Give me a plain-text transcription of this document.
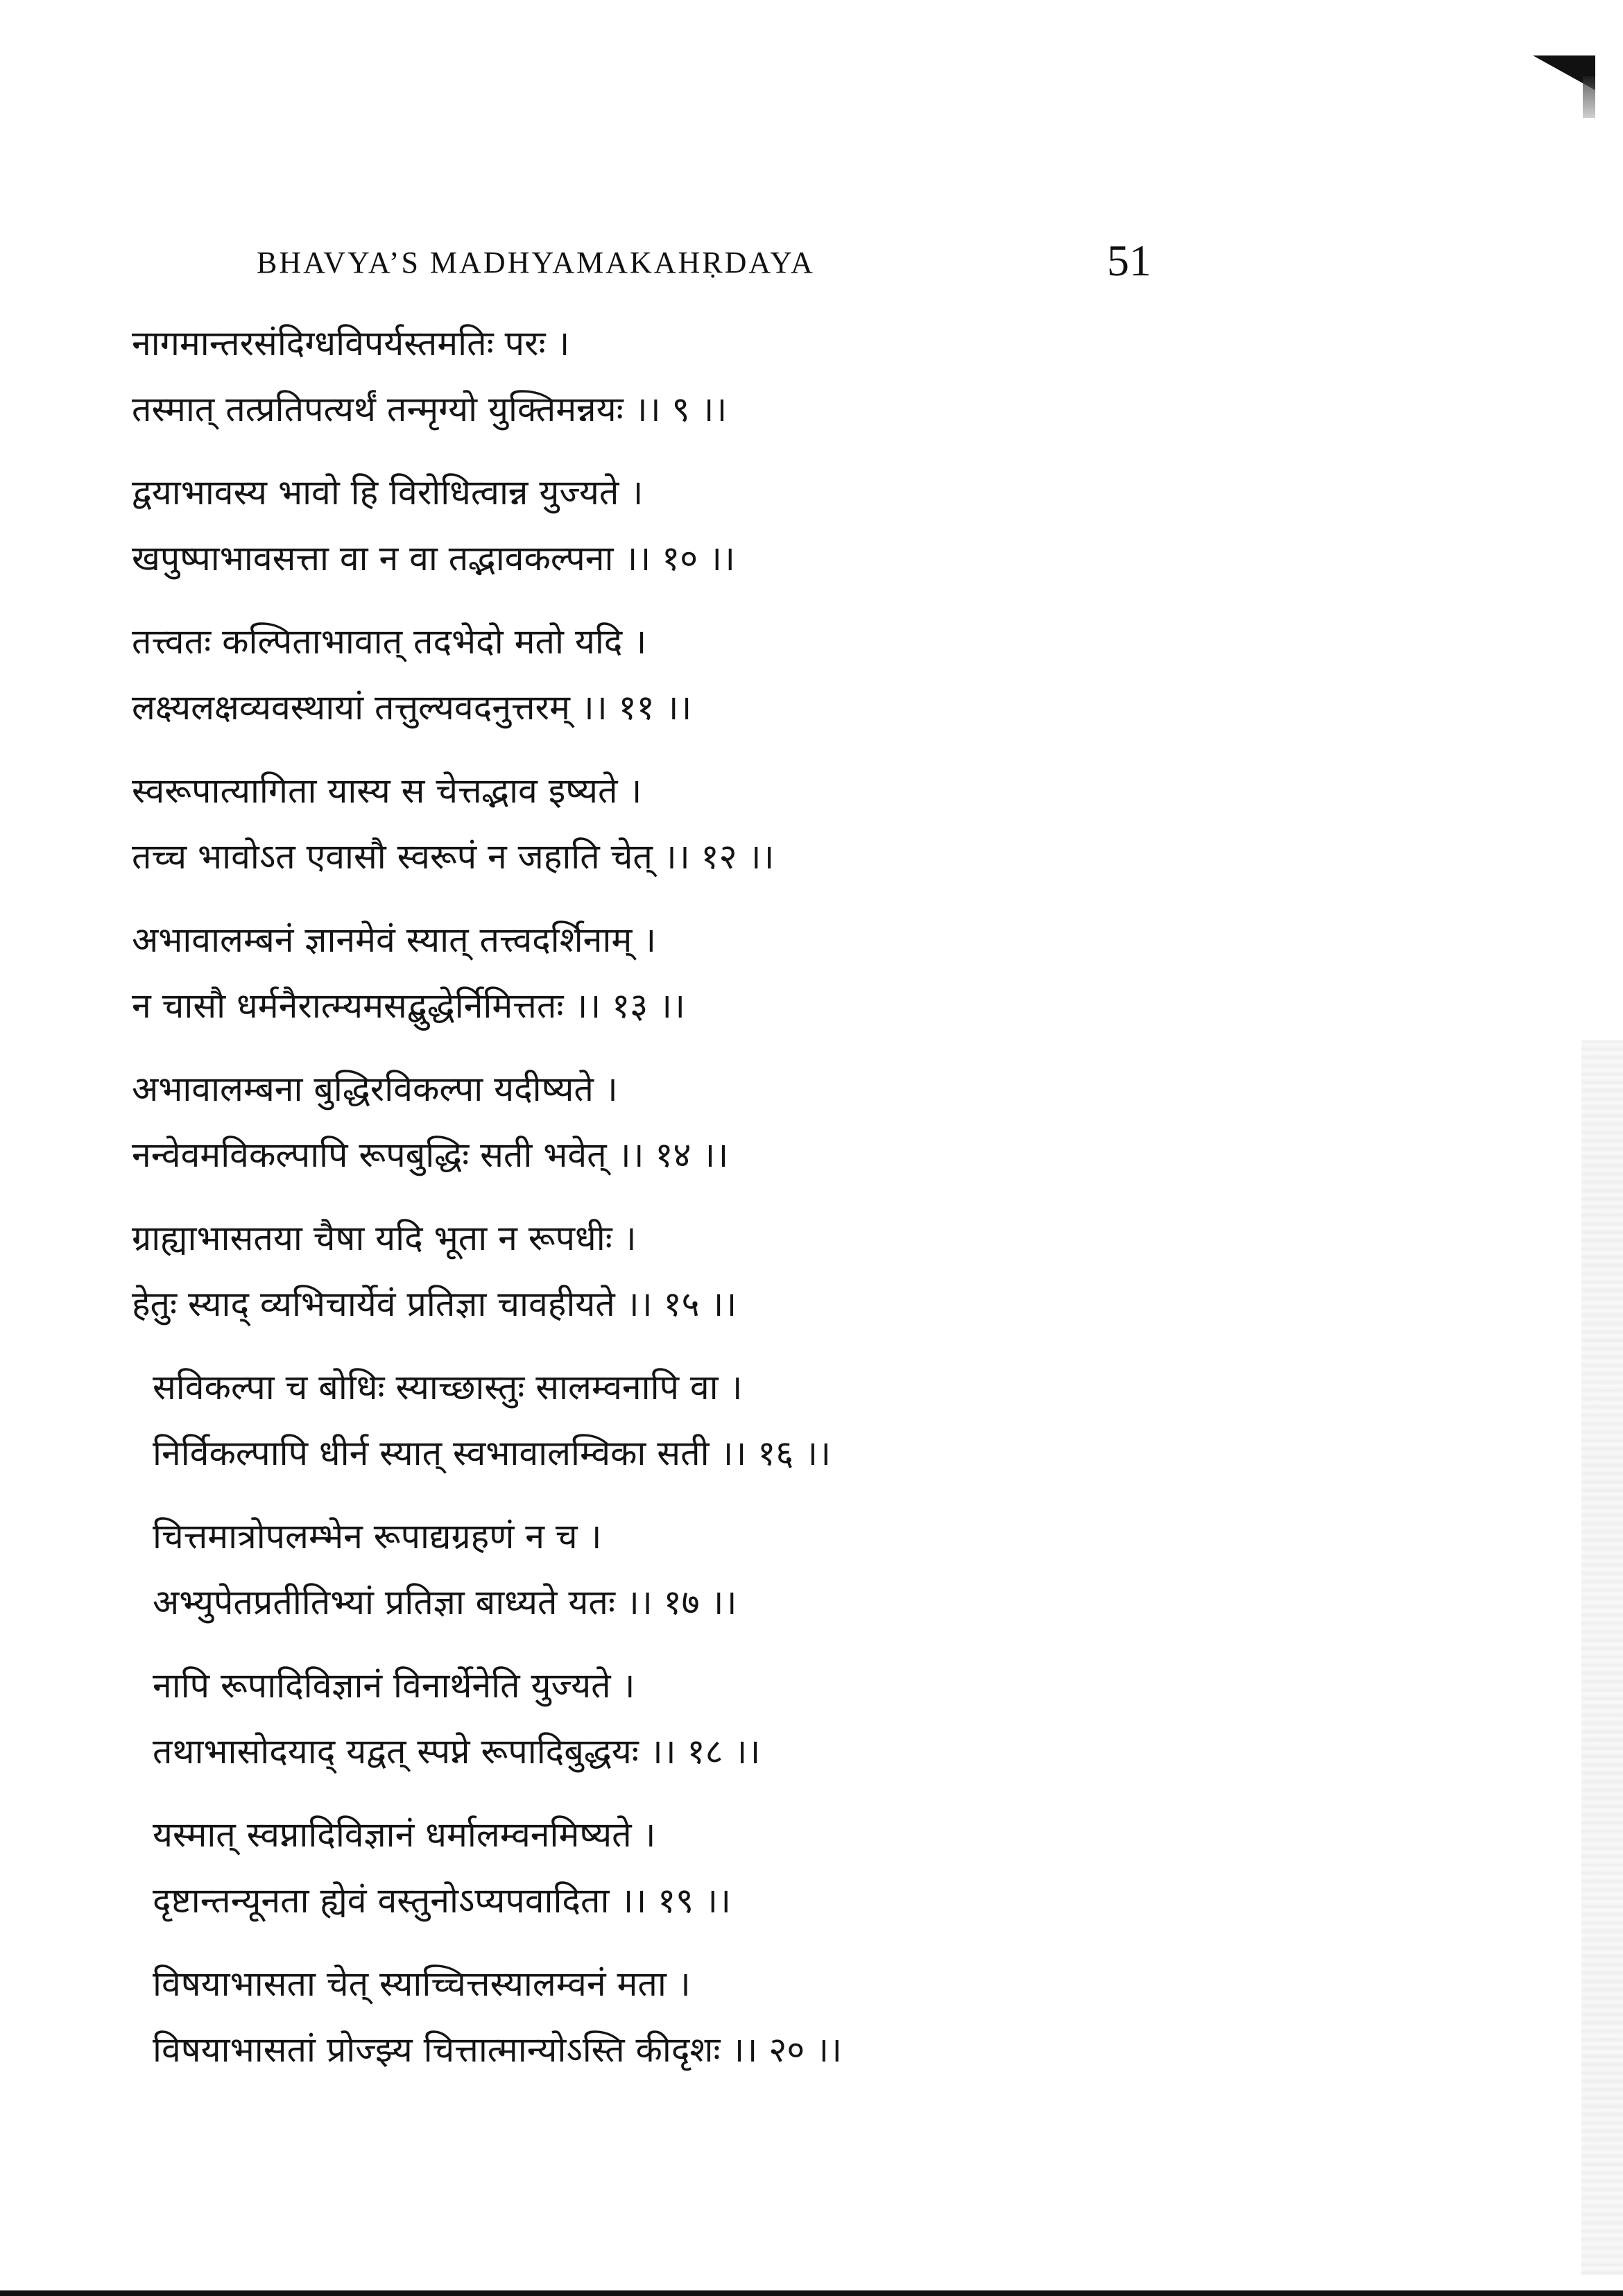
BHAVYA’S MADHYAMAKAHṚDAYA	51
नागमान्तरसंदिग्धविपर्यस्तमतिः परः ।
तस्मात् तत्प्रतिपत्यर्थं तन्मृग्यो युक्तिमन्नयः ।। ९ ।।
द्वयाभावस्य भावो हि विरोधित्वान्न युज्यते ।
खपुष्पाभावसत्ता वा न वा तद्भावकल्पना ।। १० ।।
तत्त्वतः कल्पिताभावात् तदभेदो मतो यदि ।
लक्ष्यलक्षव्यवस्थायां तत्तुल्यवदनुत्तरम् ।। ११ ।।
स्वरूपात्यागिता यास्य स चेत्तद्भाव इष्यते ।
तच्च भावोऽत एवासौ स्वरूपं न जहाति चेत् ।। १२ ।।
अभावालम्बनं ज्ञानमेवं स्यात् तत्त्वदर्शिनाम् ।
न चासौ धर्मनैरात्म्यमसद्बुद्धेर्निमित्ततः ।। १३ ।।
अभावालम्बना बुद्धिरविकल्पा यदीष्यते ।
नन्वेवमविकल्पापि रूपबुद्धिः सती भवेत् ।। १४ ।।
ग्राह्याभासतया चैषा यदि भूता न रूपधीः ।
हेतुः स्याद् व्यभिचार्येवं प्रतिज्ञा चावहीयते ।। १५ ।।
सविकल्पा च बोधिः स्याच्छास्तुः सालम्वनापि वा ।
निर्विकल्पापि धीर्न स्यात् स्वभावालम्विका सती ।। १६ ।।
चित्तमात्रोपलम्भेन रूपाद्यग्रहणं न च ।
अभ्युपेतप्रतीतिभ्यां प्रतिज्ञा बाध्यते यतः ।। १७ ।।
नापि रूपादिविज्ञानं विनार्थेनेति युज्यते ।
तथाभासोदयाद् यद्वत् स्पप्ने रूपादिबुद्धयः ।। १८ ।।
यस्मात् स्वप्नादिविज्ञानं धर्मालम्वनमिष्यते ।
दृष्टान्तन्यूनता ह्येवं वस्तुनोऽप्यपवादिता ।। १९ ।।
विषयाभासता चेत् स्याच्चित्तस्यालम्वनं मता ।
विषयाभासतां प्रोज्झ्य चित्तात्मान्योऽस्ति कीदृशः ।। २० ।।
